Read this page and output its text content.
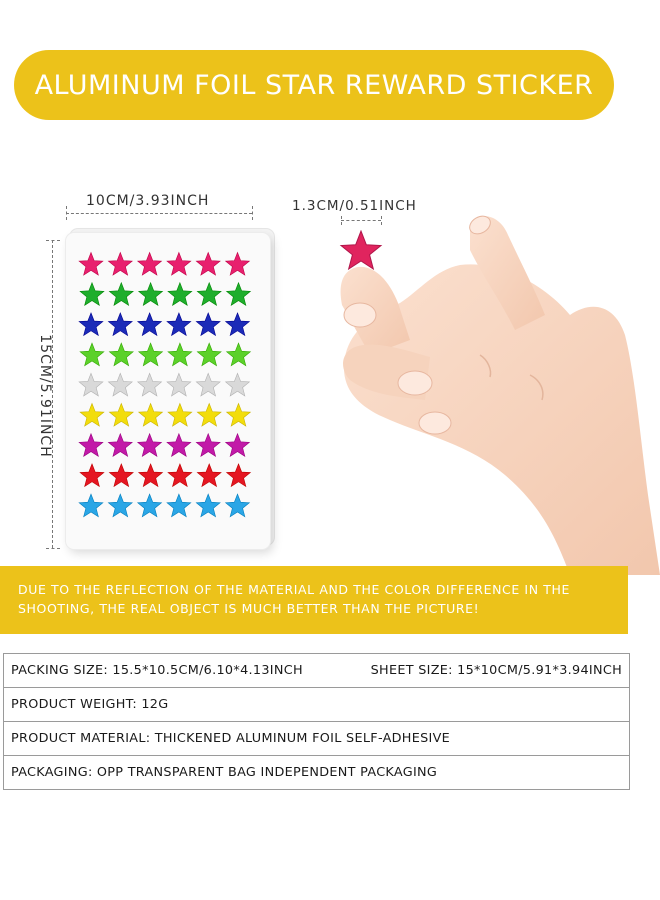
ALUMINUM FOIL STAR REWARD STICKER
10CM/3.93INCH
15CM/5.91INCH
1.3CM/0.51INCH
DUE TO THE REFLECTION OF THE MATERIAL AND THE COLOR DIFFERENCE IN THE
SHOOTING, THE REAL OBJECT IS MUCH BETTER THAN THE PICTURE!
PACKING SIZE: 15.5*10.5CM/6.10*4.13INCH	SHEET SIZE: 15*10CM/5.91*3.94INCH
PRODUCT WEIGHT: 12G
PRODUCT MATERIAL: THICKENED ALUMINUM FOIL SELF-ADHESIVE
PACKAGING: OPP TRANSPARENT BAG INDEPENDENT PACKAGING
